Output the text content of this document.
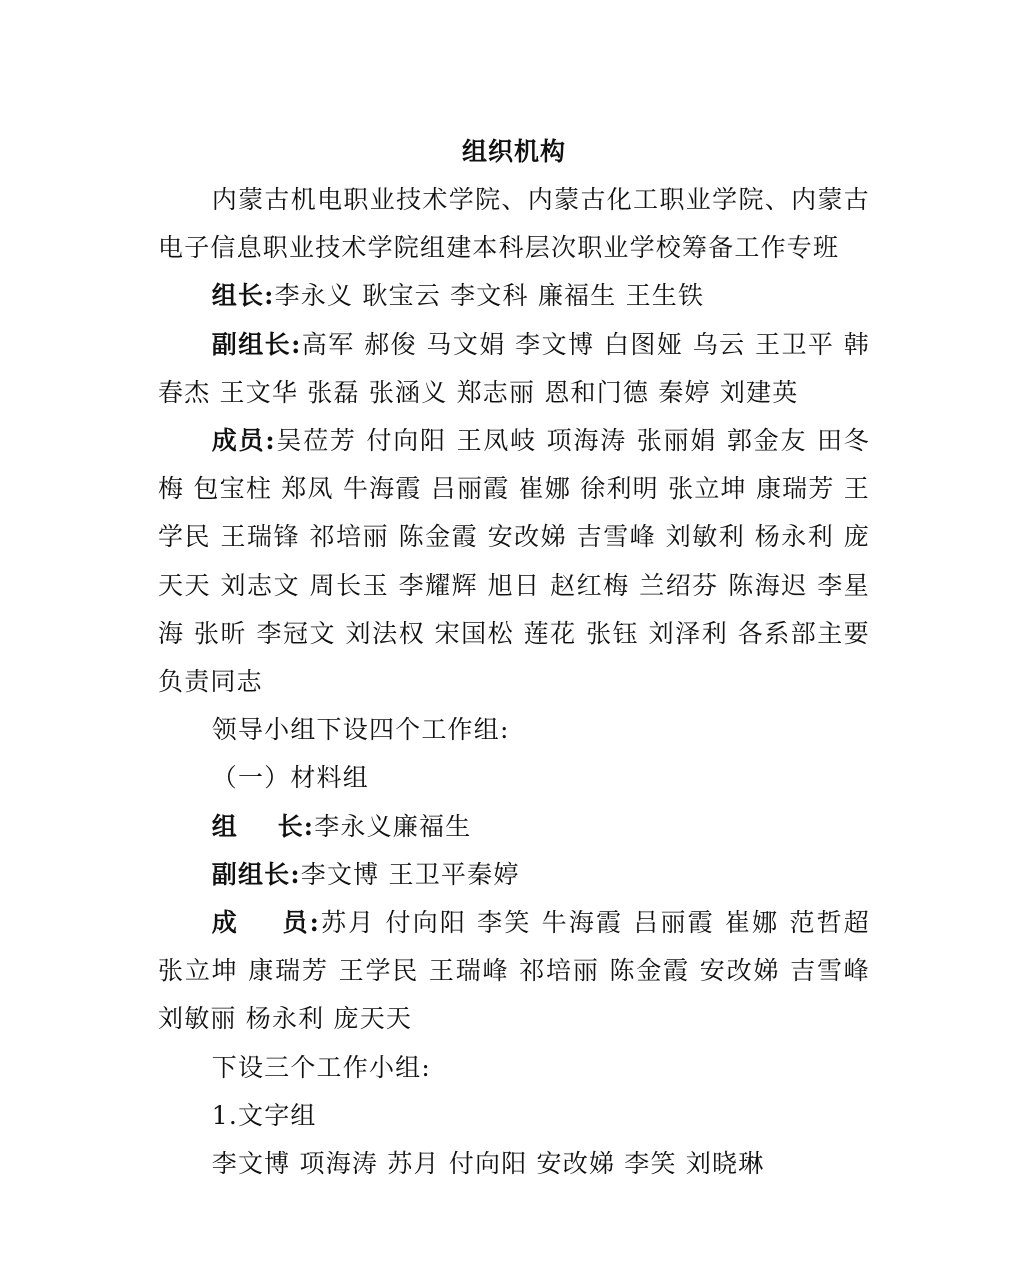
组织机构

内蒙古机电职业技术学院、内蒙古化工职业学院、内蒙古电子信息职业技术学院组建本科层次职业学校筹备工作专班

组长:李永义 耿宝云 李文科 廉福生 王生铁

副组长:高军 郝俊 马文娟 李文博 白图娅 乌云 王卫平 韩春杰 王文华 张磊 张涵义 郑志丽 恩和门德 秦婷 刘建英

成员:吴莅芳 付向阳 王凤岐 项海涛 张丽娟 郭金友 田冬梅 包宝柱 郑凤 牛海霞 吕丽霞 崔娜 徐利明 张立坤 康瑞芳 王学民 王瑞锋 祁培丽 陈金霞 安改娣 吉雪峰 刘敏利 杨永利 庞天天 刘志文 周长玉 李耀辉 旭日 赵红梅 兰绍芬 陈海迟 李星海 张昕 李冠文 刘法权 宋国松 莲花 张钰 刘泽利 各系部主要负责同志

领导小组下设四个工作组:

（一）材料组

组    长:李永义廉福生

副组长:李文博 王卫平秦婷

成    员:苏月 付向阳 李笑 牛海霞 吕丽霞 崔娜 范哲超 张立坤 康瑞芳 王学民 王瑞峰 祁培丽 陈金霞 安改娣 吉雪峰 刘敏丽 杨永利 庞天天

下设三个工作小组:

1.文字组

李文博 项海涛 苏月 付向阳 安改娣 李笑 刘晓琳
